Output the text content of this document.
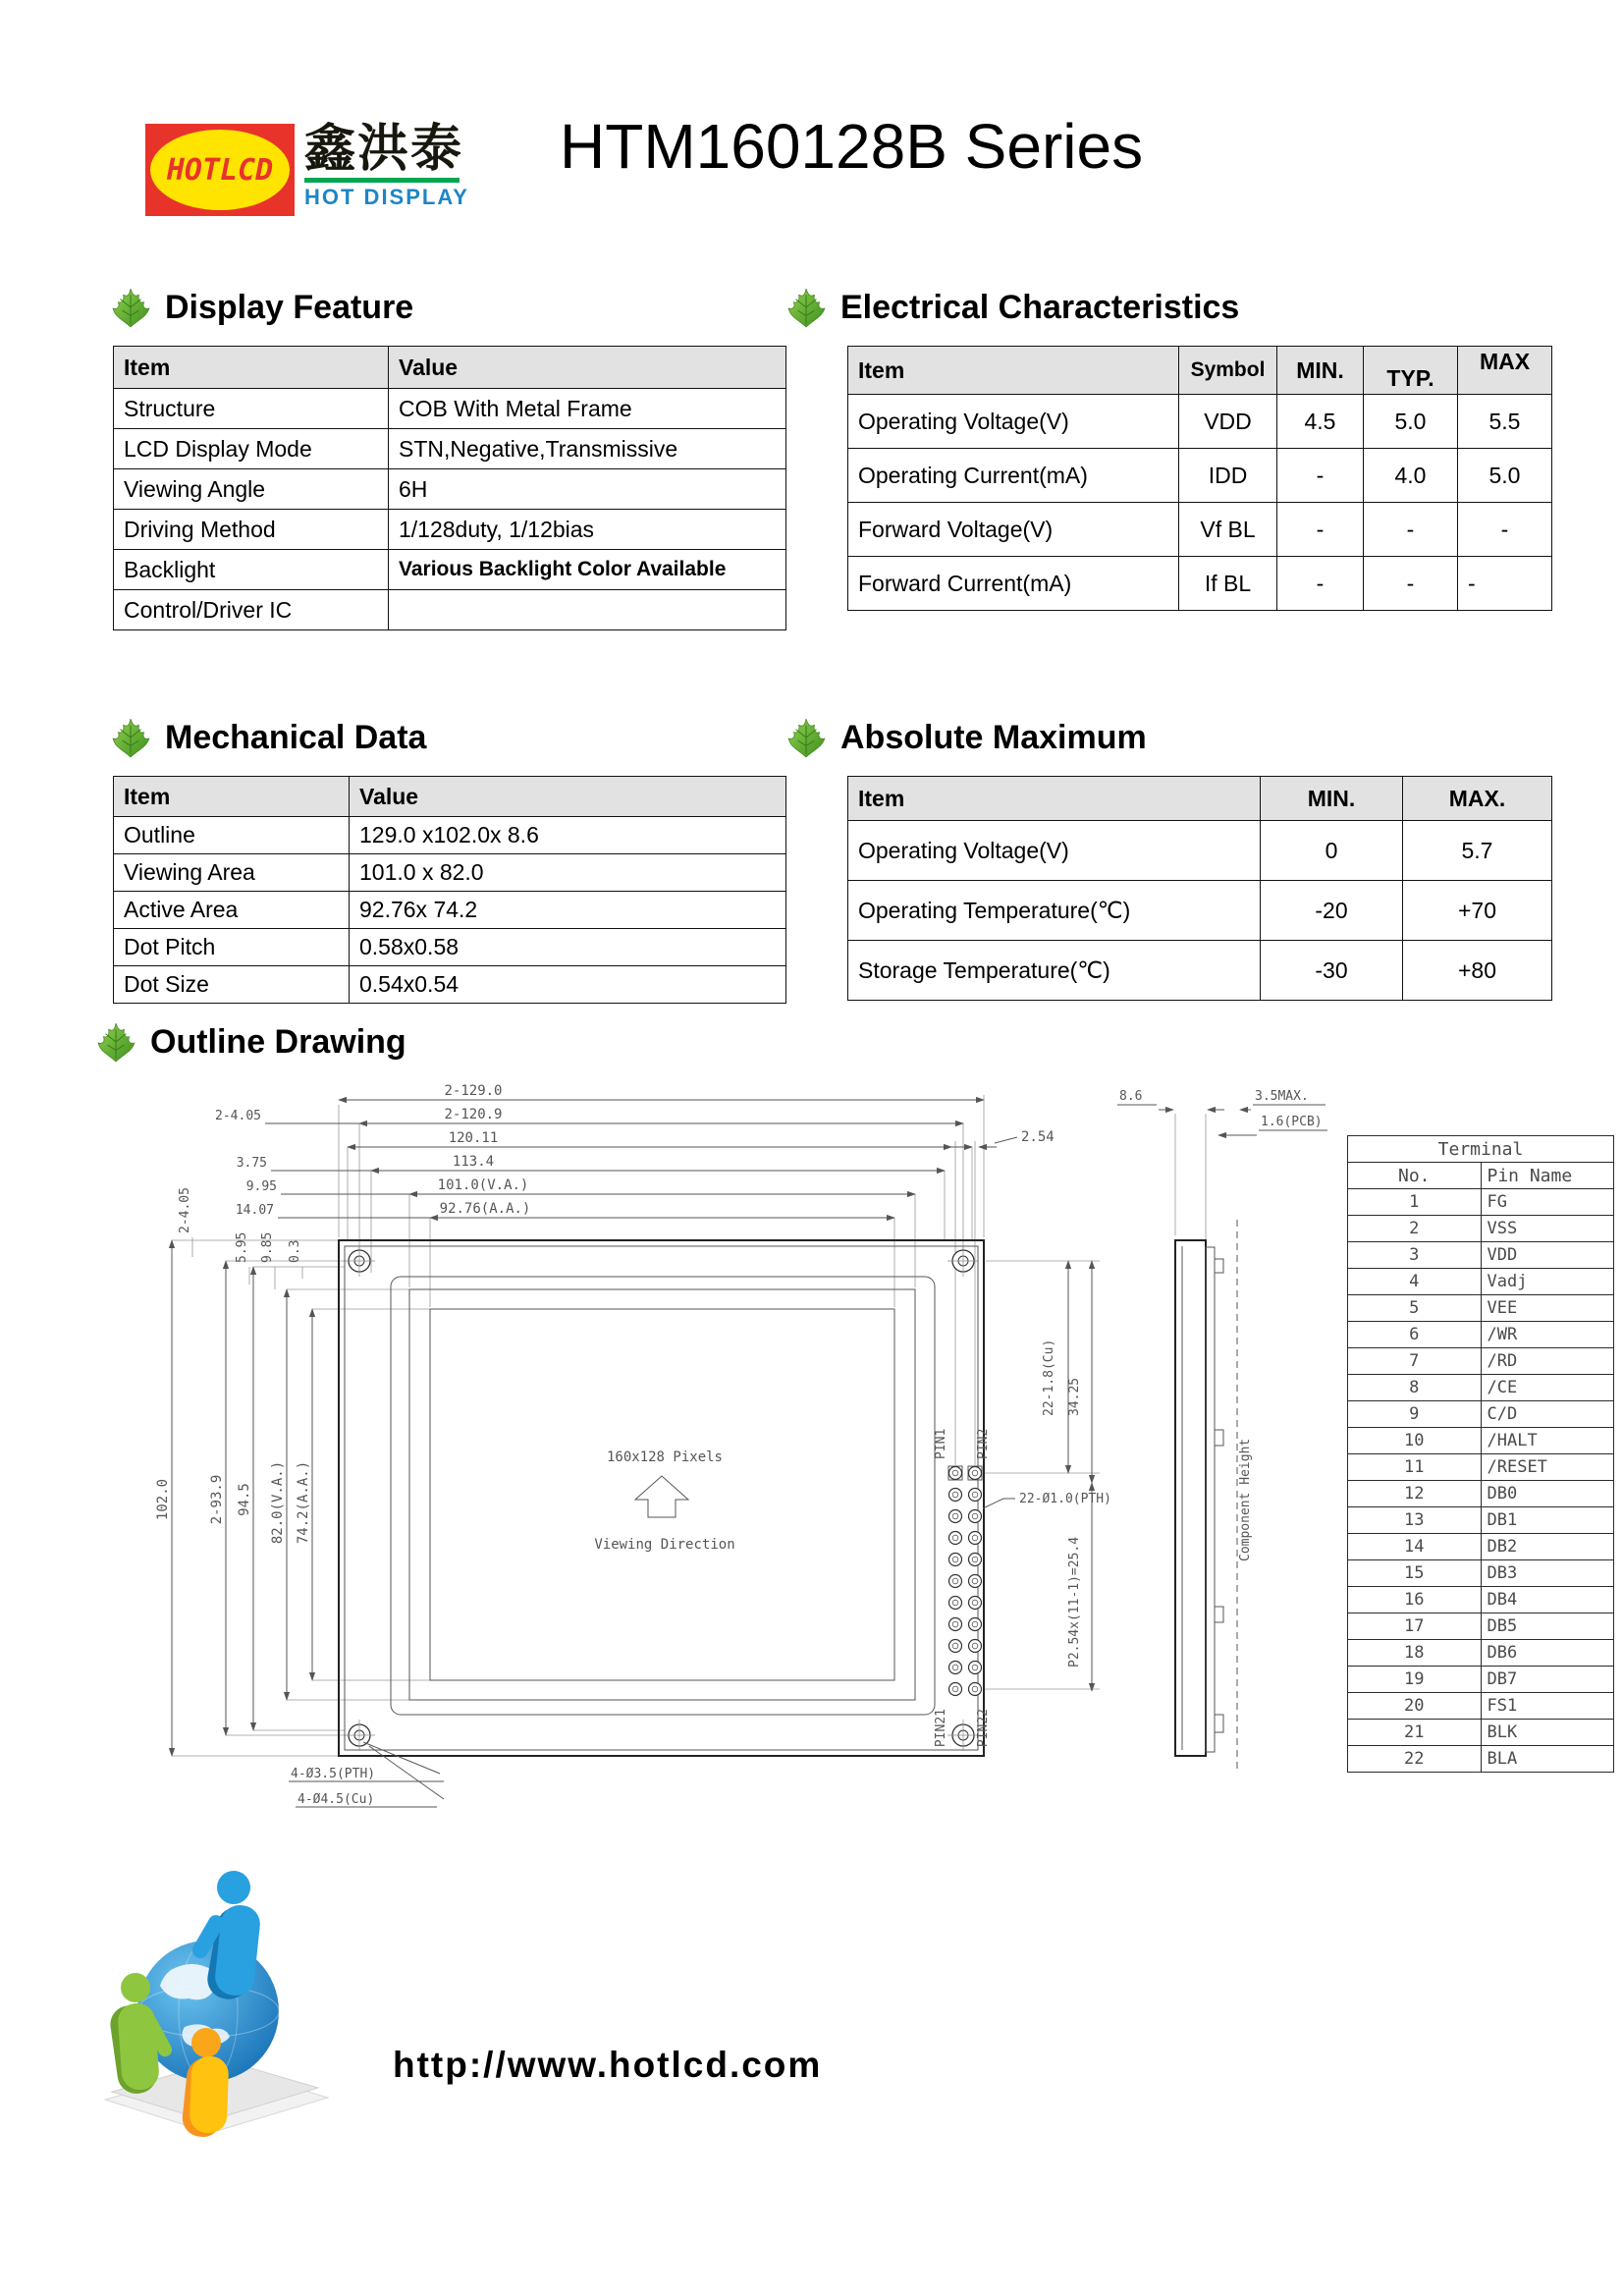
HOTLCD 鑫洪泰
HOT DISPLAY
HTM160128B Series
Display Feature	Electrical Characteristics
Mechanical Data	Absolute Maximum
Outline Drawing
Item	Value
Structure	COB With Metal Frame
LCD Display Mode	STN,Negative,Transmissive
Viewing Angle	6H
Driving Method	1/128duty, 1/12bias
Backlight	Various Backlight Color Available
Control/Driver IC	
Item	Symbol	MIN.	TYP.	MAX
Operating Voltage(V)	VDD	4.5	5.0	5.5
Operating Current(mA)	IDD	-	4.0	5.0
Forward Voltage(V)	Vf BL	-	-	-
Forward Current(mA)	If BL	-	-	-
Item	Value
Outline	129.0 x102.0x 8.6
Viewing Area	101.0 x 82.0
Active Area	92.76x 74.2
Dot Pitch	0.58x0.58
Dot Size	0.54x0.54
Item	MIN.	MAX.
Operating Voltage(V)	0	5.7
Operating Temperature(℃)	-20	+70
Storage Temperature(℃)	-30	+80
2-129.0
2-120.9
120.11
113.4
101.0(V.A.)
92.76(A.A.)
2-4.05
3.75
9.95
14.07
2.54
102.0	2-93.9 94.5 82.0(V.A.) 74.2(A.A.)
2-4.05
5.95 9.85 0.3
160x128 Pixels
Viewing Direction
PIN1 PIN2
PIN21 PIN22
22-1.8(Cu) 34.25
P2.54x(11-1)=25.4
22-Ø1.0(PTH)
4-Ø3.5(PTH)
4-Ø4.5(Cu)
Component Height
8.6	3.5MAX.
1.6(PCB)
Terminal	
No.	Pin Name
1	FG
2	VSS
3	VDD
4	Vadj
5	VEE
6	/WR
7	/RD
8	/CE
9	C/D
10	/HALT
11	/RESET
12	DB0
13	DB1
14	DB2
15	DB3
16	DB4
17	DB5
18	DB6
19	DB7
20	FS1
21	BLK
22	BLA
http://www.hotlcd.com
